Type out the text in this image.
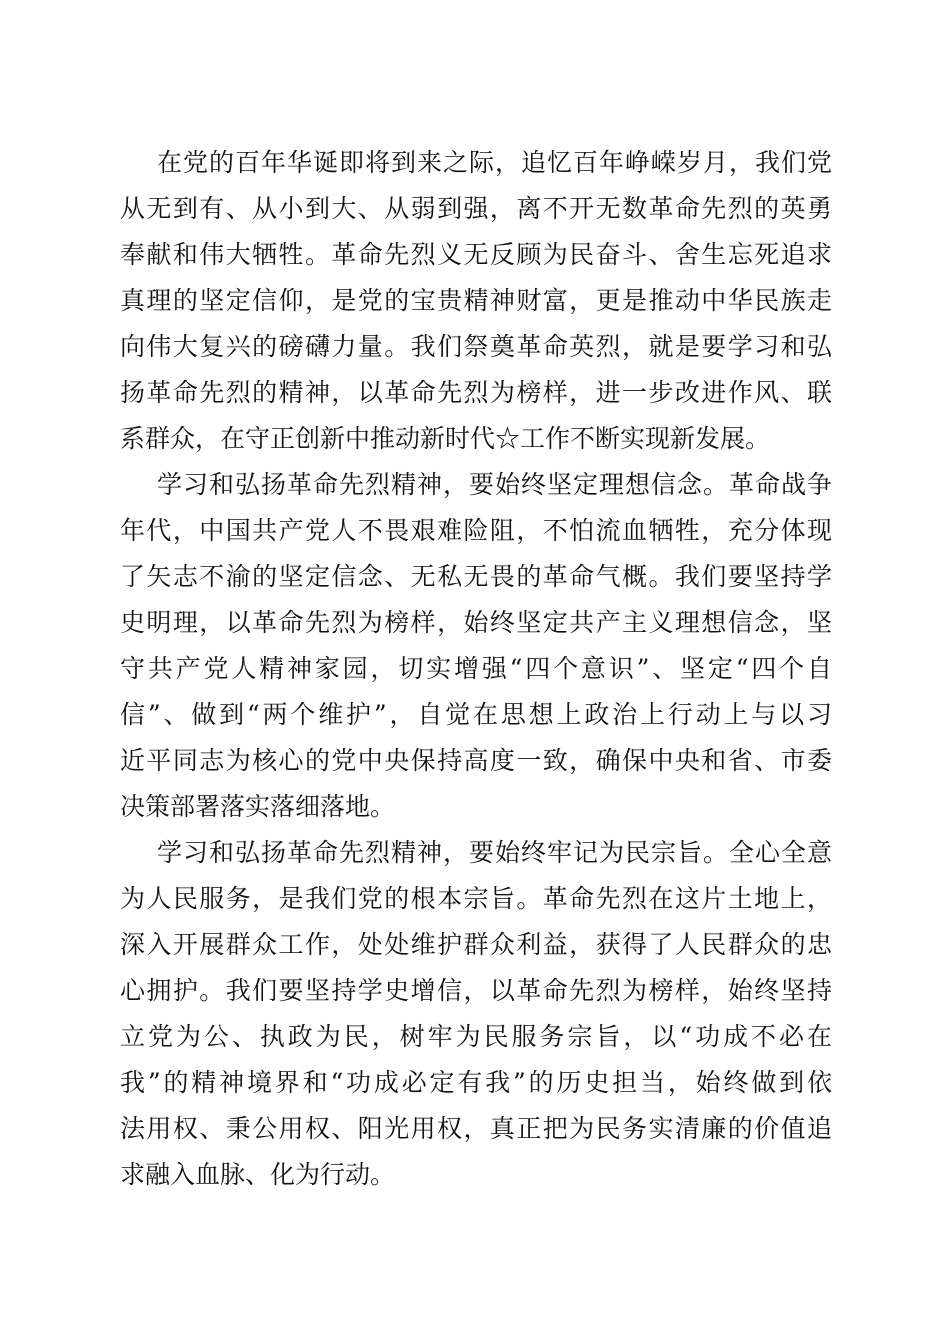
在党的百年华诞即将到来之际，追忆百年峥嵘岁月，我们党
从无到有、从小到大、从弱到强，离不开无数革命先烈的英勇
奉献和伟大牺牲。革命先烈义无反顾为民奋斗、舍生忘死追求
真理的坚定信仰，是党的宝贵精神财富，更是推动中华民族走
向伟大复兴的磅礴力量。我们祭奠革命英烈，就是要学习和弘
扬革命先烈的精神，以革命先烈为榜样，进一步改进作风、联
系群众，在守正创新中推动新时代☆工作不断实现新发展。
学习和弘扬革命先烈精神，要始终坚定理想信念。革命战争
年代，中国共产党人不畏艰难险阻，不怕流血牺牲，充分体现
了矢志不渝的坚定信念、无私无畏的革命气概。我们要坚持学
史明理，以革命先烈为榜样，始终坚定共产主义理想信念，坚
守共产党人精神家园，切实增强“四个意识”、坚定“四个自
信”、做到“两个维护”，自觉在思想上政治上行动上与以习
近平同志为核心的党中央保持高度一致，确保中央和省、市委
决策部署落实落细落地。
学习和弘扬革命先烈精神，要始终牢记为民宗旨。全心全意
为人民服务，是我们党的根本宗旨。革命先烈在这片土地上，
深入开展群众工作，处处维护群众利益，获得了人民群众的忠
心拥护。我们要坚持学史增信，以革命先烈为榜样，始终坚持
立党为公、执政为民，树牢为民服务宗旨，以“功成不必在
我”的精神境界和“功成必定有我”的历史担当，始终做到依
法用权、秉公用权、阳光用权，真正把为民务实清廉的价值追
求融入血脉、化为行动。
